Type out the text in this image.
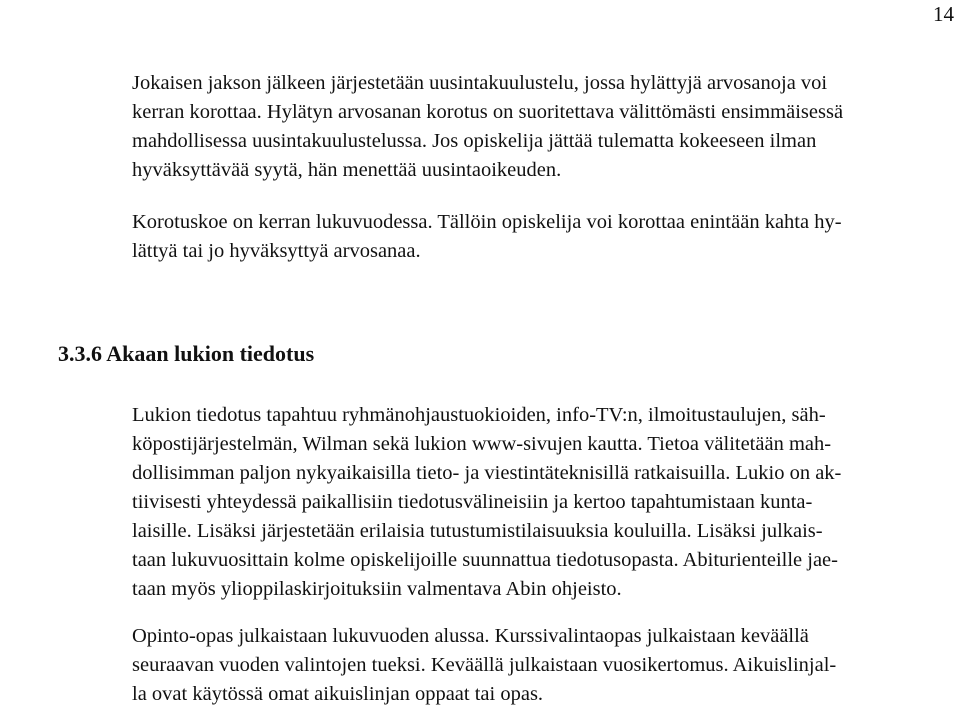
14
Jokaisen jakson jälkeen järjestetään uusintakuulustelu, jossa hylättyjä arvosanoja voi
kerran korottaa. Hylätyn arvosanan korotus on suoritettava välittömästi ensimmäisessä
mahdollisessa uusintakuulustelussa. Jos opiskelija jättää tulematta kokeeseen ilman
hyväksyttävää syytä, hän menettää uusintaoikeuden.
Korotuskoe on kerran lukuvuodessa. Tällöin opiskelija voi korottaa enintään kahta hy-
lättyä tai jo hyväksyttyä arvosanaa.
3.3.6 Akaan lukion tiedotus
Lukion tiedotus tapahtuu ryhmänohjaustuokioiden, info-TV:n, ilmoitustaulujen, säh-
köpostijärjestelmän, Wilman sekä lukion www-sivujen kautta. Tietoa välitetään mah-
dollisimman paljon nykyaikaisilla tieto- ja viestintäteknisillä ratkaisuilla. Lukio on ak-
tiivisesti yhteydessä paikallisiin tiedotusvälineisiin ja kertoo tapahtumistaan kunta-
laisille. Lisäksi järjestetään erilaisia tutustumistilaisuuksia kouluilla. Lisäksi julkais-
taan lukuvuosittain kolme opiskelijoille suunnattua tiedotusopasta. Abiturienteille jae-
taan myös ylioppilaskirjoituksiin valmentava Abin ohjeisto.
Opinto-opas julkaistaan lukuvuoden alussa. Kurssivalintaopas julkaistaan keväällä
seuraavan vuoden valintojen tueksi. Keväällä julkaistaan vuosikertomus. Aikuislinjal-
la ovat käytössä omat aikuislinjan oppaat tai opas.
